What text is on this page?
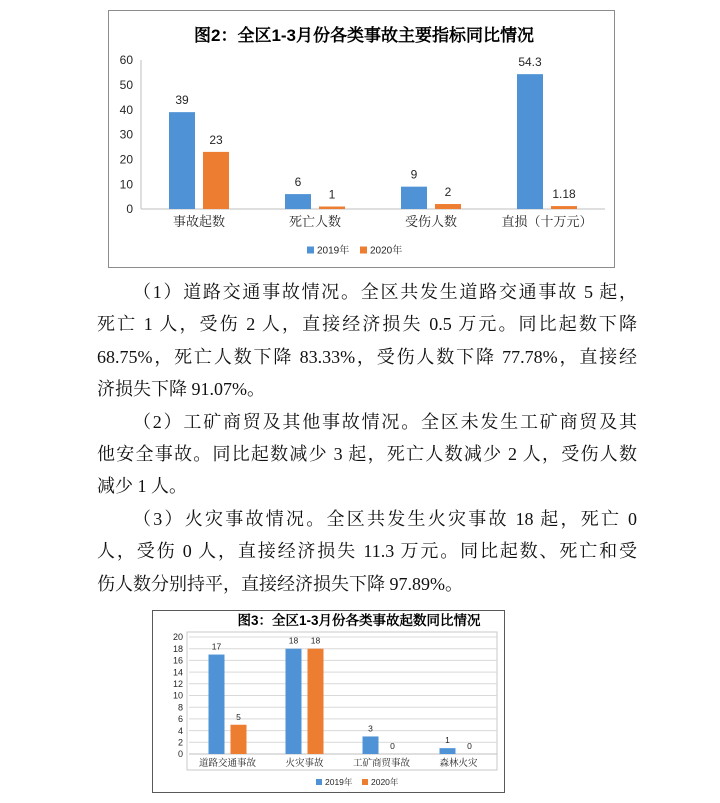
图2：全区1-3月份各类事故主要指标同比情况
0
10
20
30
40
50
60
事故起数
39
23
死亡人数
6
1
受伤人数
9
2
直损（十万元）
54.3
1.18
2019年 2020年
（1）道路交通事故情况。全区共发生道路交通事故 5 起，
死亡 1 人，受伤 2 人，直接经济损失 0.5 万元。同比起数下降
68.75%，死亡人数下降 83.33%，受伤人数下降 77.78%，直接经
济损失下降 91.07%。
（2）工矿商贸及其他事故情况。全区未发生工矿商贸及其
他安全事故。同比起数减少 3 起，死亡人数减少 2 人，受伤人数
减少 1 人。
（3）火灾事故情况。全区共发生火灾事故 18 起，死亡 0
人，受伤 0 人，直接经济损失 11.3 万元。同比起数、死亡和受
伤人数分别持平，直接经济损失下降 97.89%。
图3：全区1-3月份各类事故起数同比情况
0
2
4
6
8
10
12
14
16
18
20
道路交通事故
17
5
火灾事故
18 18
工矿商贸事故
3
0
森林火灾
1
0
2019年 2020年
